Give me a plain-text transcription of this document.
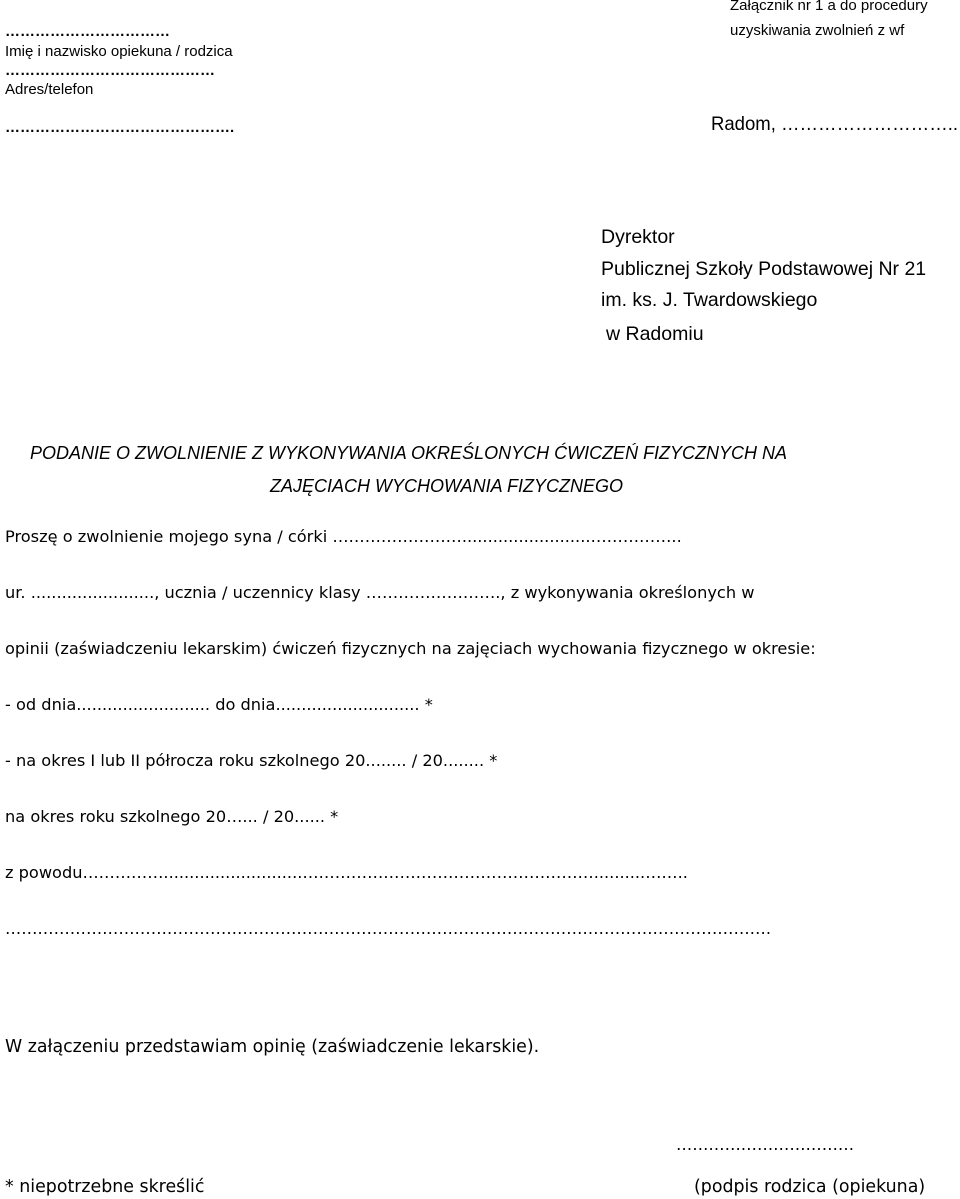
……………………………
Imię i nazwisko opiekuna / rodzica
……………………………………
Adres/telefon
……………………………………….
Załącznik nr 1 a do procedury
uzyskiwania zwolnień z wf
Radom, ………………………..
Dyrektor
Publicznej Szkoły Podstawowej Nr 21
im. ks. J. Twardowskiego
w Radomiu
PODANIE O ZWOLNIENIE Z WYKONYWANIA OKREŚLONYCH ĆWICZEŃ FIZYCZNYCH NA
ZAJĘCIACH WYCHOWANIA FIZYCZNEGO
Proszę o zwolnienie mojego syna / córki …………………….........................……………..
ur. ........................, ucznia / uczennicy klasy ……………………., z wykonywania określonych w
opinii (zaświadczeniu lekarskim) ćwiczeń fizycznych na zajęciach wychowania fizycznego w okresie:
- od dnia.......................... do dnia............................ *
- na okres I lub II półrocza roku szkolnego 20........ / 20........ *
na okres roku szkolnego 20…... / 20...... *
z powodu……………...........................………………………………………………..........……..
…………………………………………………………………………………………………………………………….
W załączeniu przedstawiam opinię (zaświadczenie lekarskie).
……………………………
* niepotrzebne skreślić	(podpis rodzica (opiekuna)
